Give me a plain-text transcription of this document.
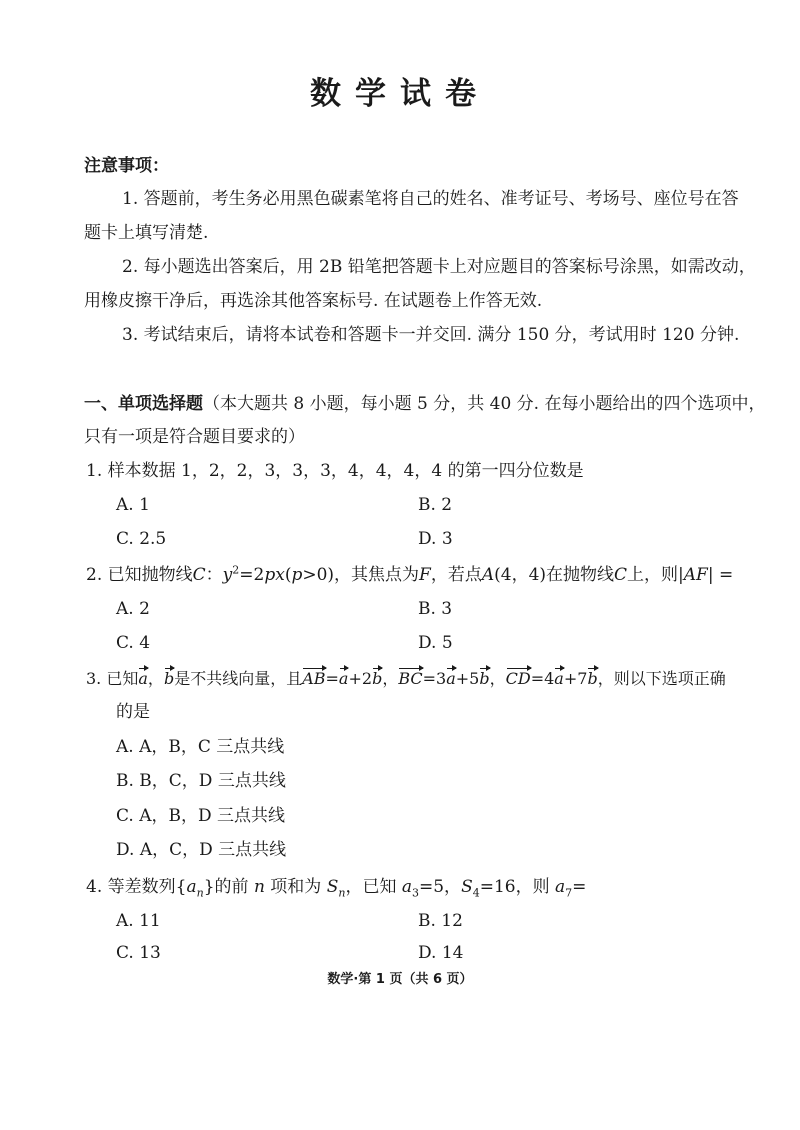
数学试卷
注意事项：
1. 答题前，考生务必用黑色碳素笔将自己的姓名、准考证号、考场号、座位号在答
题卡上填写清楚.
2. 每小题选出答案后，用 2B 铅笔把答题卡上对应题目的答案标号涂黑，如需改动，
用橡皮擦干净后，再选涂其他答案标号. 在试题卷上作答无效.
3. 考试结束后，请将本试卷和答题卡一并交回. 满分 150 分，考试用时 120 分钟.
一、单项选择题（本大题共 8 小题，每小题 5 分，共 40 分. 在每小题给出的四个选项中，
只有一项是符合题目要求的）
1. 样本数据 1，2，2，3，3，3，4，4，4，4 的第一四分位数是
A. 1	B. 2
C. 2.5	D. 3
2. 已知抛物线C：$y^2=2px(p>0)$，其焦点为F，若点A(4，4)在抛物线C上，则|AF| =
A. 2	B. 3
C. 4	D. 5
3. 已知a，b是不共线向量，且AB=a+2b，BC=3a+5b，CD=4a+7b，则以下选项正确
的是
A. A，B，C 三点共线
B. B，C，D 三点共线
C. A，B，D 三点共线
D. A，C，D 三点共线
4. 等差数列$\{a_n\}$的前 n 项和为 $S_n$，已知 $a_3=5$，$S_4=16$，则 $a_7=$
A. 11	B. 12
C. 13	D. 14
数学·第 1 页（共 6 页）
